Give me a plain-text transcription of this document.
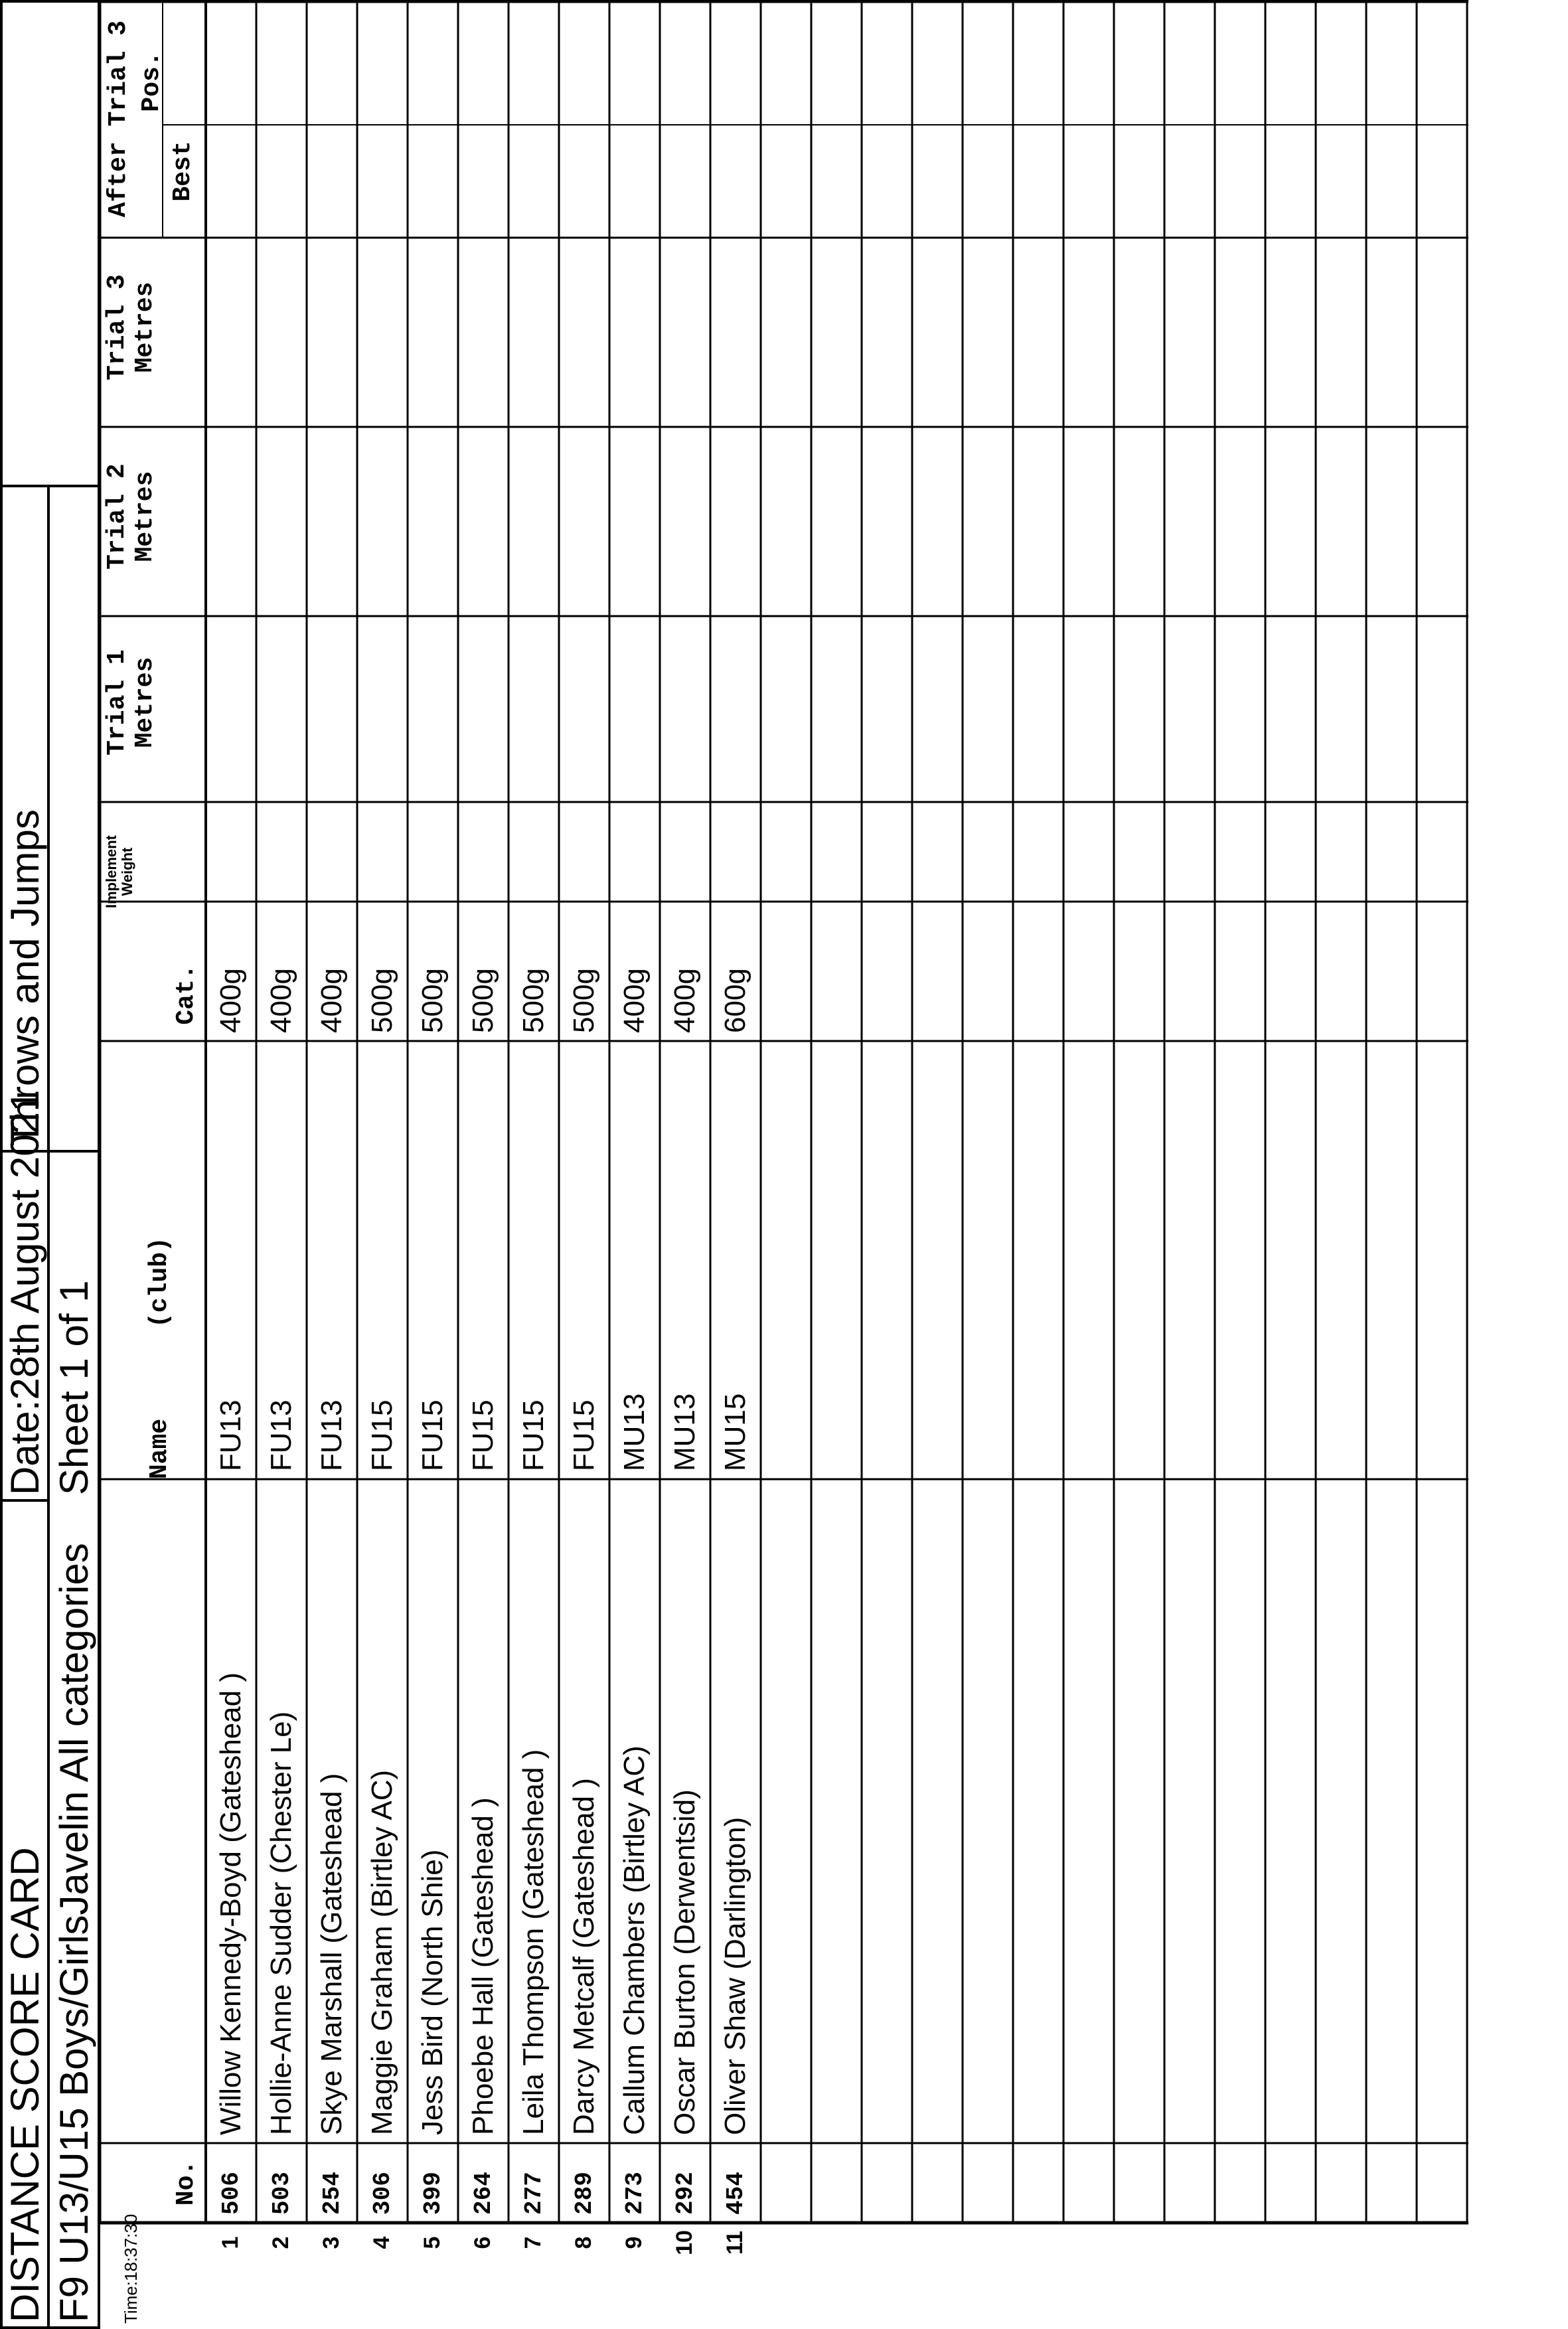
DISTANCE SCORE CARD
Date:28th August 2021
Throws and Jumps
F9 U13/U15 Boys/GirlsJavelin All categories
Sheet 1 of 1
Time:18:37:30
No.
Name      (club)
Cat.
Implement
Weight
Trial 1
Metres
Trial 2
Metres
Trial 3
Metres
After Trial 3 Best
Pos.
1
506
Willow Kennedy-Boyd (Gateshead )
FU13
400g
2
503
Hollie-Anne Sudder (Chester Le)
FU13
400g
3
254
Skye Marshall (Gateshead )
FU13
400g
4
306
Maggie Graham (Birtley AC)
FU15
500g
5
399
Jess Bird (North Shie)
FU15
500g
6
264
Phoebe Hall (Gateshead )
FU15
500g
7
277
Leila Thompson (Gateshead )
FU15
500g
8
289
Darcy Metcalf (Gateshead )
FU15
500g
9
273
Callum Chambers (Birtley AC)
MU13
400g
10
292
Oscar Burton (Derwentsid)
MU13
400g
11
454
Oliver Shaw (Darlington)
MU15
600g
